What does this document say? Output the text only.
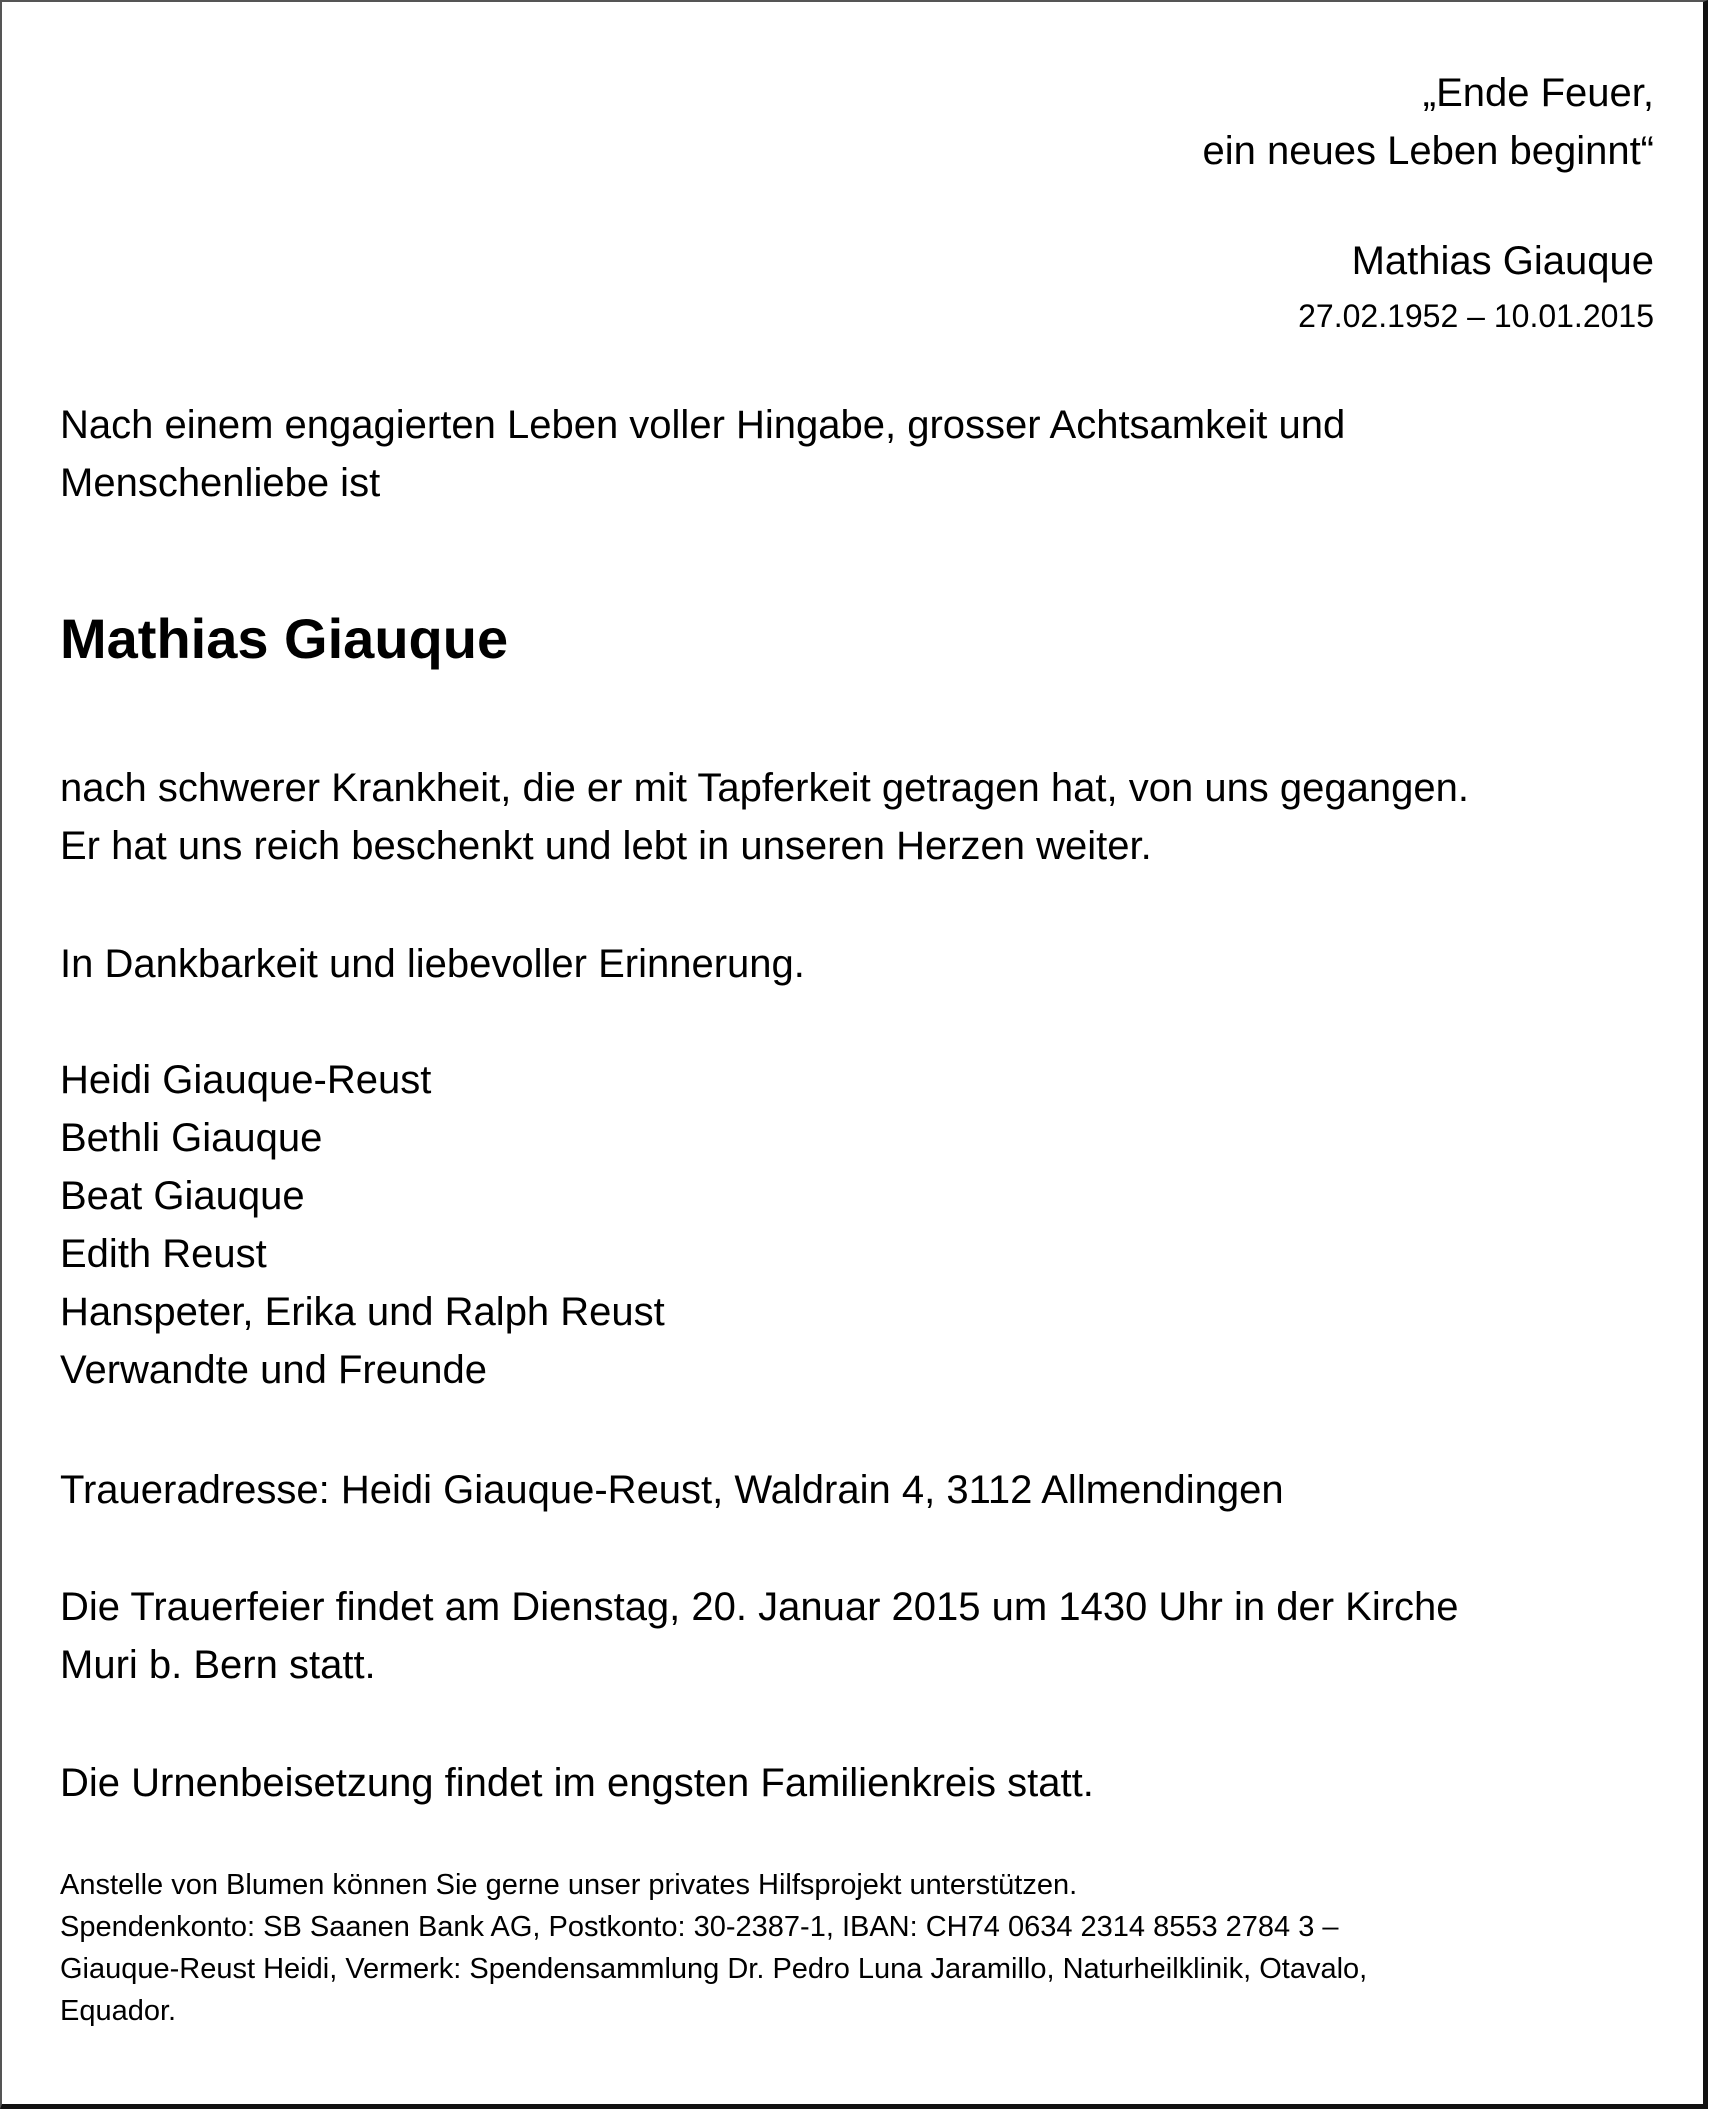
„Ende Feuer,
ein neues Leben beginnt“
Mathias Giauque
27.02.1952 – 10.01.2015
Nach einem engagierten Leben voller Hingabe, grosser Achtsamkeit und
Menschenliebe ist
Mathias Giauque
nach schwerer Krankheit, die er mit Tapferkeit getragen hat, von uns gegangen.
Er hat uns reich beschenkt und lebt in unseren Herzen weiter.
In Dankbarkeit und liebevoller Erinnerung.
Heidi Giauque-Reust
Bethli Giauque
Beat Giauque
Edith Reust
Hanspeter, Erika und Ralph Reust
Verwandte und Freunde
Traueradresse: Heidi Giauque-Reust, Waldrain 4, 3112 Allmendingen
Die Trauerfeier findet am Dienstag, 20. Januar 2015 um 1430 Uhr in der Kirche
Muri b. Bern statt.
Die Urnenbeisetzung findet im engsten Familienkreis statt.
Anstelle von Blumen können Sie gerne unser privates Hilfsprojekt unterstützen.
Spendenkonto: SB Saanen Bank AG, Postkonto: 30-2387-1, IBAN: CH74 0634 2314 8553 2784 3 –
Giauque-Reust Heidi, Vermerk: Spendensammlung Dr. Pedro Luna Jaramillo, Naturheilklinik, Otavalo,
Equador.
